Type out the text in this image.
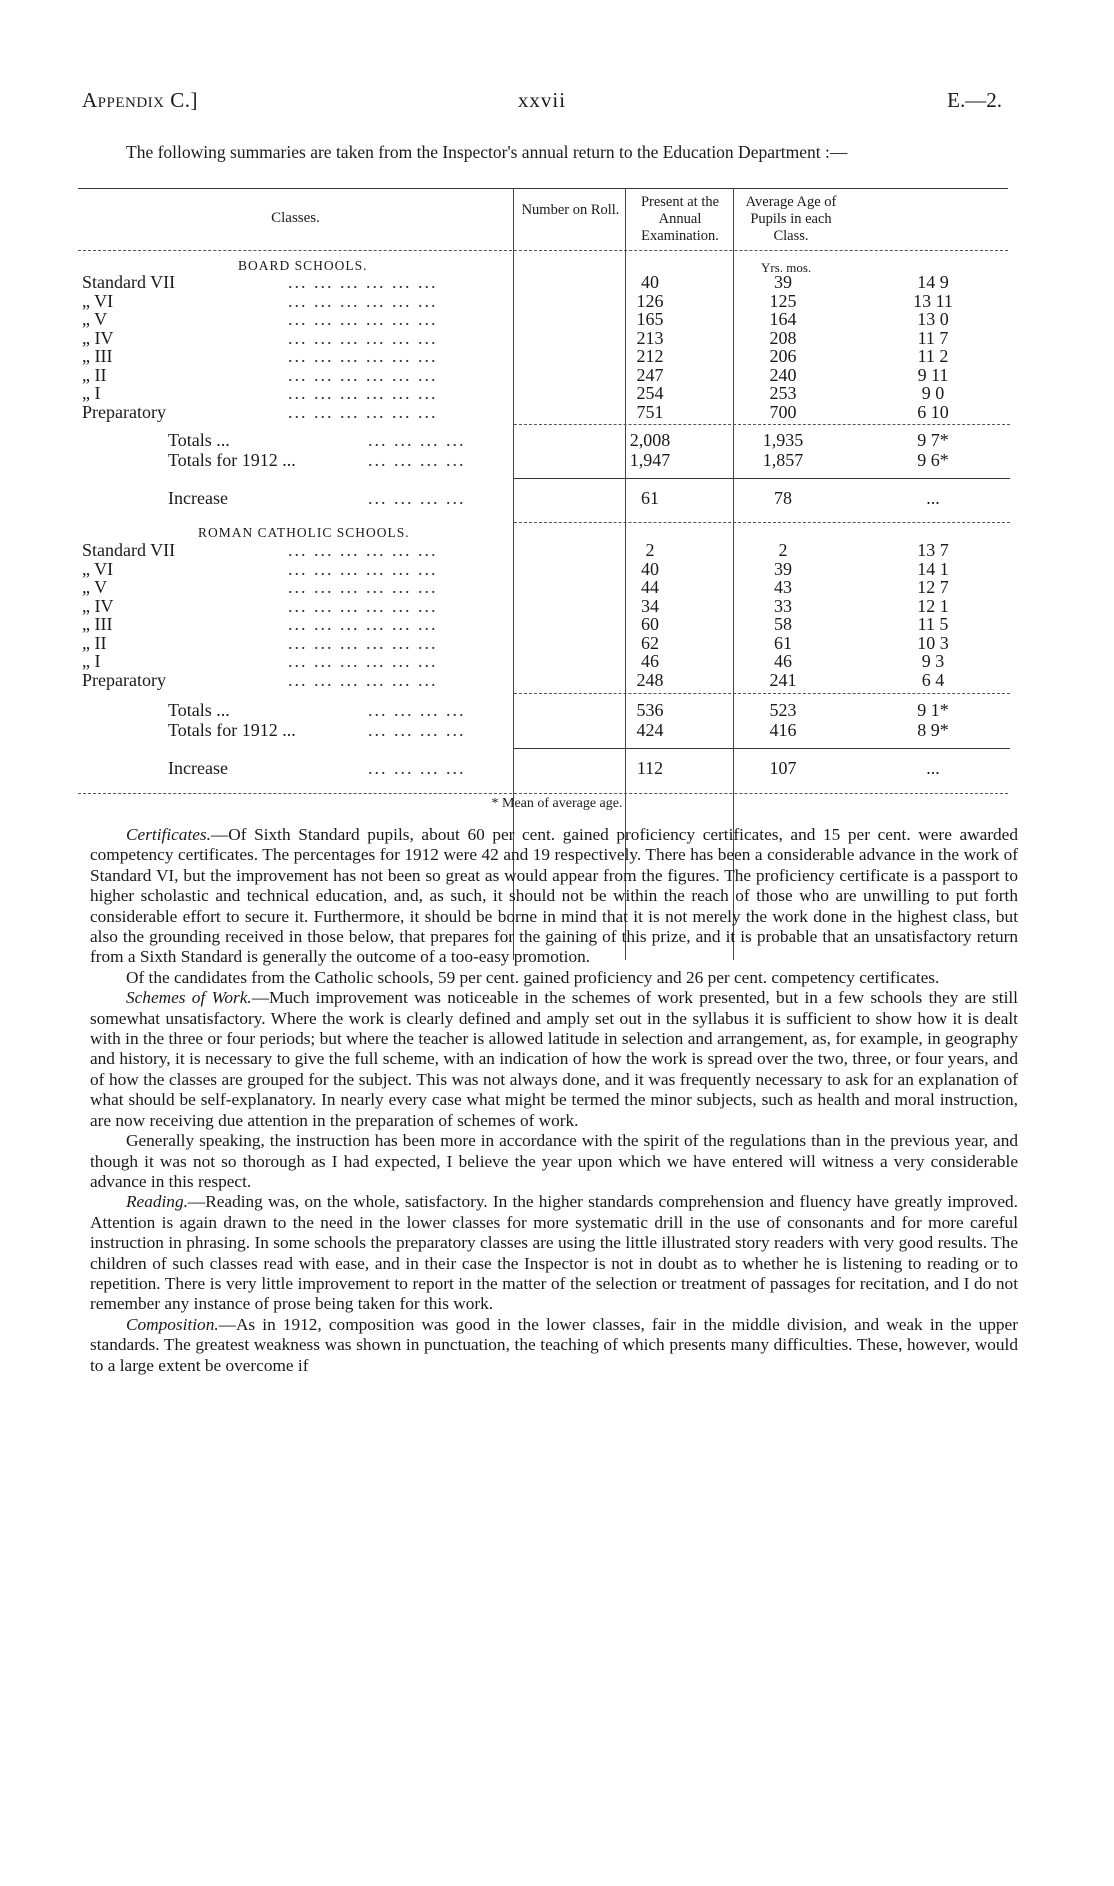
Appendix C.]	xxvii	E.—2.
The following summaries are taken from the Inspector's annual return to the Education Department :—
Classes.	Number on Roll.	Present at the Annual Examination.
Average Age of Pupils in each Class.
BOARD SCHOOLS.	Yrs. mos.
Standard VII	... ... ... ... ... ...	40	39	14 9
„ VI	... ... ... ... ... ...	126	125	13 11
„ V	... ... ... ... ... ...	165	164	13 0
„ IV	... ... ... ... ... ...	213	208	11 7
„ III	... ... ... ... ... ...	212	206	11 2
„ II	... ... ... ... ... ...	247	240	9 11
„ I	... ... ... ... ... ...	254	253	9 0
Preparatory	... ... ... ... ... ...	751	700	6 10
Totals ...	... ... ... ...	2,008	1,935	9 7*
Totals for 1912 ...	... ... ... ...	1,947	1,857	9 6*
Increase	... ... ... ...	61	78	...
ROMAN CATHOLIC SCHOOLS.
Standard VII	... ... ... ... ... ...	2	2	13 7
„ VI	... ... ... ... ... ...	40	39	14 1
„ V	... ... ... ... ... ...	44	43	12 7
„ IV	... ... ... ... ... ...	34	33	12 1
„ III	... ... ... ... ... ...	60	58	11 5
„ II	... ... ... ... ... ...	62	61	10 3
„ I	... ... ... ... ... ...	46	46	9 3
Preparatory	... ... ... ... ... ...	248	241	6 4
Totals ...	... ... ... ...	536	523	9 1*
Totals for 1912 ...	... ... ... ...	424	416	8 9*
Increase	... ... ... ...	112	107	...
* Mean of average age.

Certificates.—Of Sixth Standard pupils, about 60 per cent. gained proficiency certificates, and 15 per cent. were awarded competency certificates. The percentages for 1912 were 42 and 19 respectively. There has been a considerable advance in the work of Standard VI, but the improvement has not been so great as would appear from the figures. The proficiency certificate is a passport to higher scholastic and technical education, and, as such, it should not be within the reach of those who are unwilling to put forth considerable effort to secure it. Furthermore, it should be borne in mind that it is not merely the work done in the highest class, but also the grounding received in those below, that prepares for the gaining of this prize, and it is probable that an unsatisfactory return from a Sixth Standard is generally the outcome of a too-easy promotion.

Of the candidates from the Catholic schools, 59 per cent. gained proficiency and 26 per cent. competency certificates.

Schemes of Work.—Much improvement was noticeable in the schemes of work presented, but in a few schools they are still somewhat unsatisfactory. Where the work is clearly defined and amply set out in the syllabus it is sufficient to show how it is dealt with in the three or four periods; but where the teacher is allowed latitude in selection and arrangement, as, for example, in geography and history, it is necessary to give the full scheme, with an indication of how the work is spread over the two, three, or four years, and of how the classes are grouped for the subject. This was not always done, and it was frequently necessary to ask for an explanation of what should be self-explanatory. In nearly every case what might be termed the minor subjects, such as health and moral instruction, are now receiving due attention in the preparation of schemes of work.

Generally speaking, the instruction has been more in accordance with the spirit of the regulations than in the previous year, and though it was not so thorough as I had expected, I believe the year upon which we have entered will witness a very considerable advance in this respect.

Reading.—Reading was, on the whole, satisfactory. In the higher standards comprehension and fluency have greatly improved. Attention is again drawn to the need in the lower classes for more systematic drill in the use of consonants and for more careful instruction in phrasing. In some schools the preparatory classes are using the little illustrated story readers with very good results. The children of such classes read with ease, and in their case the Inspector is not in doubt as to whether he is listening to reading or to repetition. There is very little improvement to report in the matter of the selection or treatment of passages for recitation, and I do not remember any instance of prose being taken for this work.

Composition.—As in 1912, composition was good in the lower classes, fair in the middle division, and weak in the upper standards. The greatest weakness was shown in punctuation, the teaching of which presents many difficulties. These, however, would to a large extent be overcome if
